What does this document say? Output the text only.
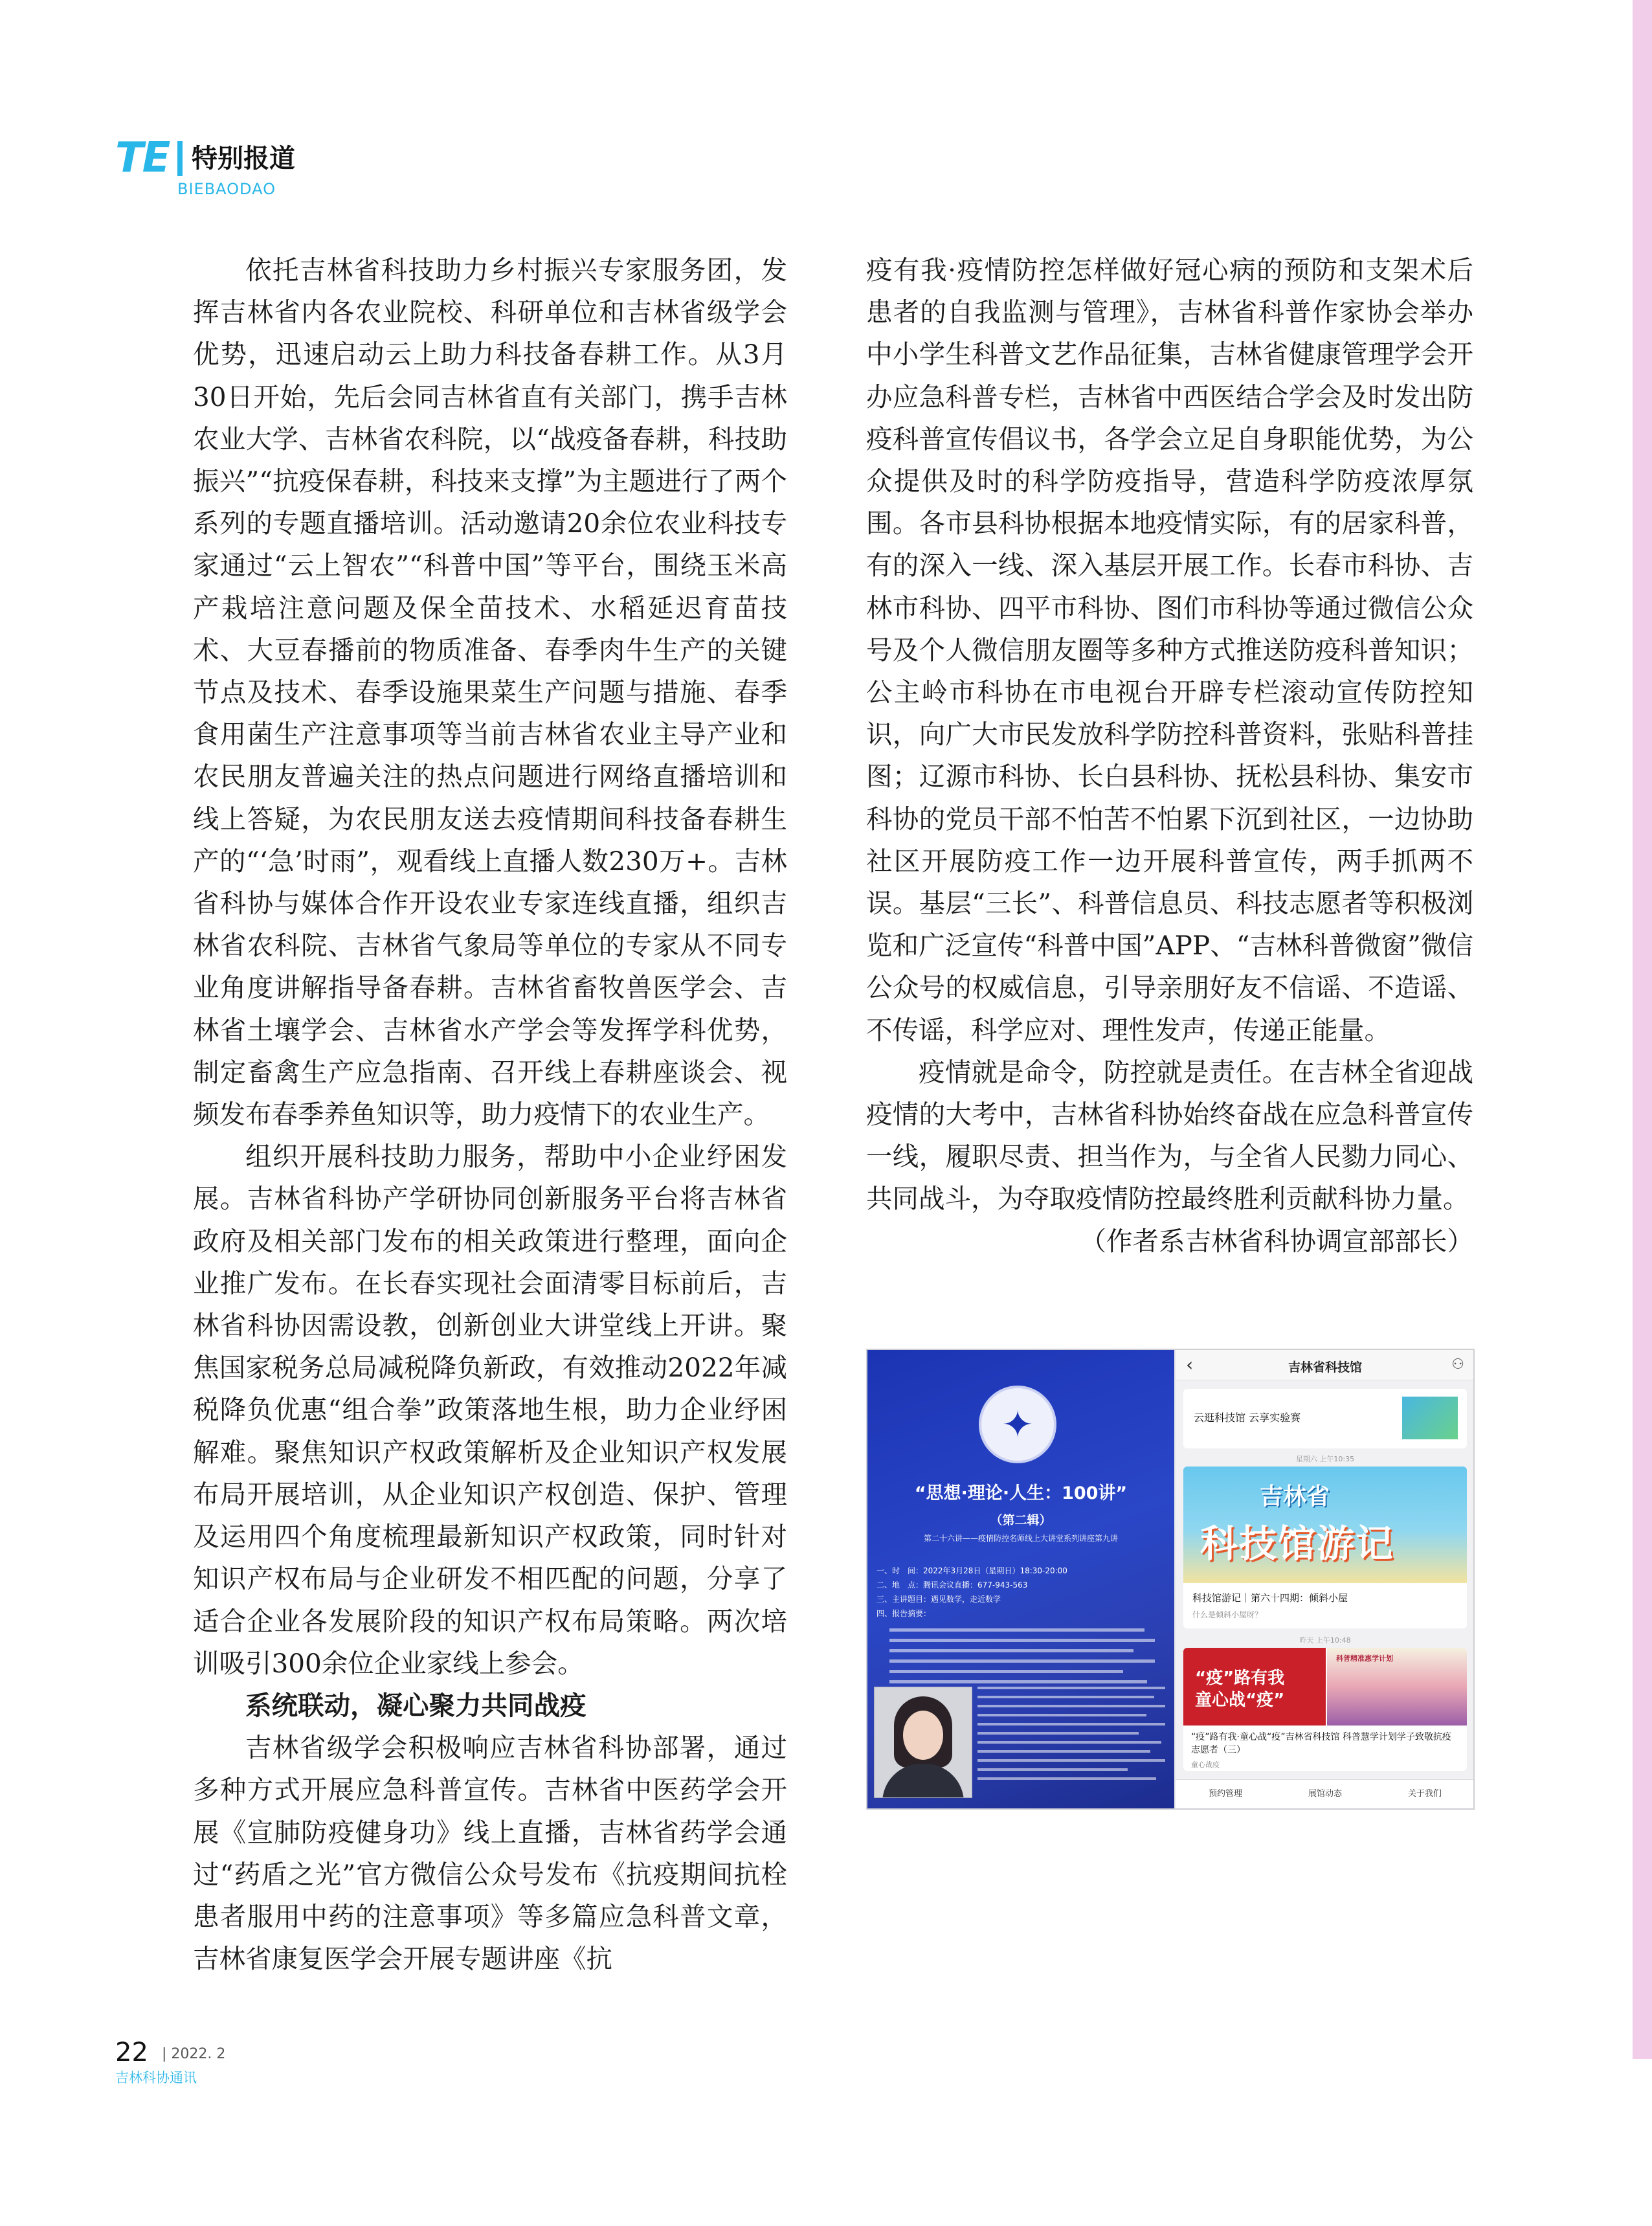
TE 特别报道
BIEBAODAO

依托吉林省科技助力乡村振兴专家服务团，发挥吉林省内各农业院校、科研单位和吉林省级学会优势，迅速启动云上助力科技备春耕工作。从3月30日开始，先后会同吉林省直有关部门，携手吉林农业大学、吉林省农科院，以“战疫备春耕，科技助振兴”“抗疫保春耕，科技来支撑”为主题进行了两个系列的专题直播培训。活动邀请20余位农业科技专家通过“云上智农”“科普中国”等平台，围绕玉米高产栽培注意问题及保全苗技术、水稻延迟育苗技术、大豆春播前的物质准备、春季肉牛生产的关键节点及技术、春季设施果菜生产问题与措施、春季食用菌生产注意事项等当前吉林省农业主导产业和农民朋友普遍关注的热点问题进行网络直播培训和线上答疑，为农民朋友送去疫情期间科技备春耕生产的“‘急’时雨”，观看线上直播人数230万+。吉林省科协与媒体合作开设农业专家连线直播，组织吉林省农科院、吉林省气象局等单位的专家从不同专业角度讲解指导备春耕。吉林省畜牧兽医学会、吉林省土壤学会、吉林省水产学会等发挥学科优势，制定畜禽生产应急指南、召开线上春耕座谈会、视频发布春季养鱼知识等，助力疫情下的农业生产。

组织开展科技助力服务，帮助中小企业纾困发展。吉林省科协产学研协同创新服务平台将吉林省政府及相关部门发布的相关政策进行整理，面向企业推广发布。在长春实现社会面清零目标前后，吉林省科协因需设教，创新创业大讲堂线上开讲。聚焦国家税务总局减税降负新政，有效推动2022年减税降负优惠“组合拳”政策落地生根，助力企业纾困解难。聚焦知识产权政策解析及企业知识产权发展布局开展培训，从企业知识产权创造、保护、管理及运用四个角度梳理最新知识产权政策，同时针对知识产权布局与企业研发不相匹配的问题，分享了适合企业各发展阶段的知识产权布局策略。两次培训吸引300余位企业家线上参会。

系统联动，凝心聚力共同战疫

吉林省级学会积极响应吉林省科协部署，通过多种方式开展应急科普宣传。吉林省中医药学会开展《宣肺防疫健身功》线上直播，吉林省药学会通过“药盾之光”官方微信公众号发布《抗疫期间抗栓患者服用中药的注意事项》等多篇应急科普文章，吉林省康复医学会开展专题讲座《抗

疫有我·疫情防控怎样做好冠心病的预防和支架术后患者的自我监测与管理》，吉林省科普作家协会举办中小学生科普文艺作品征集，吉林省健康管理学会开办应急科普专栏，吉林省中西医结合学会及时发出防疫科普宣传倡议书，各学会立足自身职能优势，为公众提供及时的科学防疫指导，营造科学防疫浓厚氛围。各市县科协根据本地疫情实际，有的居家科普，有的深入一线、深入基层开展工作。长春市科协、吉林市科协、四平市科协、图们市科协等通过微信公众号及个人微信朋友圈等多种方式推送防疫科普知识；公主岭市科协在市电视台开辟专栏滚动宣传防控知识，向广大市民发放科学防控科普资料，张贴科普挂图；辽源市科协、长白县科协、抚松县科协、集安市科协的党员干部不怕苦不怕累下沉到社区，一边协助社区开展防疫工作一边开展科普宣传，两手抓两不误。基层“三长”、科普信息员、科技志愿者等积极浏览和广泛宣传“科普中国”APP、“吉林科普微窗”微信公众号的权威信息，引导亲朋好友不信谣、不造谣、不传谣，科学应对、理性发声，传递正能量。

疫情就是命令，防控就是责任。在吉林全省迎战疫情的大考中，吉林省科协始终奋战在应急科普宣传一线，履职尽责、担当作为，与全省人民勠力同心、共同战斗，为夺取疫情防控最终胜利贡献科协力量。
（作者系吉林省科协调宣部部长）

✦
“思想·理论·人生：100讲”
（第二辑）
第二十六讲——疫情防控名师线上大讲堂系列讲座第九讲
一、时　间：2022年3月28日（星期日）18:30-20:00
二、地　点：腾讯会议直播：677-943-563
三、主讲题目：遇见数学，走近数学
四、报告摘要：
‹	吉林省科技馆	⚇
云逛科技馆 云享实验赛
星期六 上午10:35
吉林省
科技馆游记
科技馆游记｜第六十四期：倾斜小屋
什么是倾斜小屋呀？
昨天 上午10:48
“疫”路有我
童心战“疫”
科普精准惠学计划
“疫”路有我·童心战“疫”吉林省科技馆 科普慧学计划学子致敬抗疫志愿者（三）
童心战疫
预约管理	展馆动态	关于我们
22 | 2022. 2
吉林科协通讯
